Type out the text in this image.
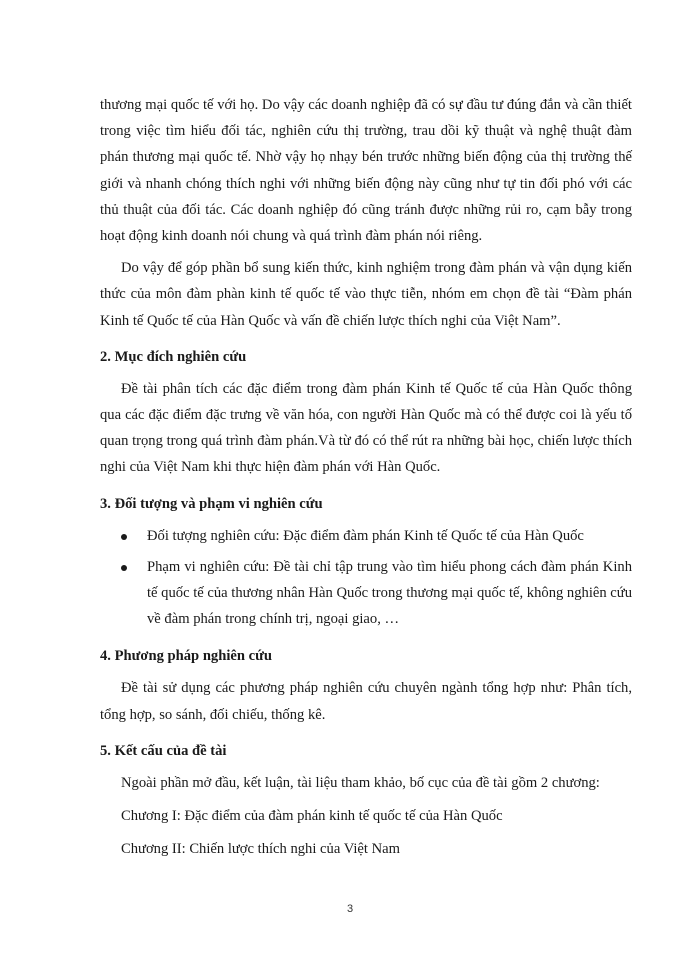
thương mại quốc tế với họ. Do vậy các doanh nghiệp đã có sự đầu tư đúng đắn và cần thiết trong việc tìm hiểu đối tác, nghiên cứu thị trường, trau dồi kỹ thuật và nghệ thuật đàm phán thương mại quốc tế. Nhờ vậy họ nhạy bén trước những biến động của thị trường thế giới và nhanh chóng thích nghi với những biến động này cũng như tự tin đối phó với các thủ thuật của đối tác. Các doanh nghiệp đó cũng tránh được những rủi ro, cạm bẫy trong hoạt động kinh doanh nói chung và quá trình đàm phán nói riêng.

Do vậy để góp phần bổ sung kiến thức, kinh nghiệm trong đàm phán và vận dụng kiến thức của môn đàm phàn kinh tế quốc tế vào thực tiễn, nhóm em chọn đề tài “Đàm phán Kinh tế Quốc tế của Hàn Quốc và vấn đề chiến lược thích nghi của Việt Nam”.

2. Mục đích nghiên cứu

Đề tài phân tích các đặc điểm trong đàm phán Kinh tế Quốc tế của Hàn Quốc thông qua các đặc điểm đặc trưng về văn hóa, con người Hàn Quốc mà có thể được coi là yếu tố quan trọng trong quá trình đàm phán.Và từ đó có thể rút ra những bài học, chiến lược thích nghi của Việt Nam khi thực hiện đàm phán với Hàn Quốc.

3. Đối tượng và phạm vi nghiên cứu

Đối tượng nghiên cứu: Đặc điểm đàm phán Kinh tế Quốc tế của Hàn Quốc
Phạm vi nghiên cứu: Đề tài chỉ tập trung vào tìm hiểu phong cách đàm phán Kinh tế quốc tế của thương nhân Hàn Quốc trong thương mại quốc tế, không nghiên cứu về đàm phán trong chính trị, ngoại giao, …

4. Phương pháp nghiên cứu

Đề tài sử dụng các phương pháp nghiên cứu chuyên ngành tổng hợp như: Phân tích, tổng hợp, so sánh, đối chiếu, thống kê.

5. Kết cấu của đề tài

Ngoài phần mở đầu, kết luận, tài liệu tham khảo, bố cục của đề tài gồm 2 chương:

Chương I: Đặc điểm của đàm phán kinh tế quốc tế của Hàn Quốc

Chương II: Chiến lược thích nghi của Việt Nam

3
